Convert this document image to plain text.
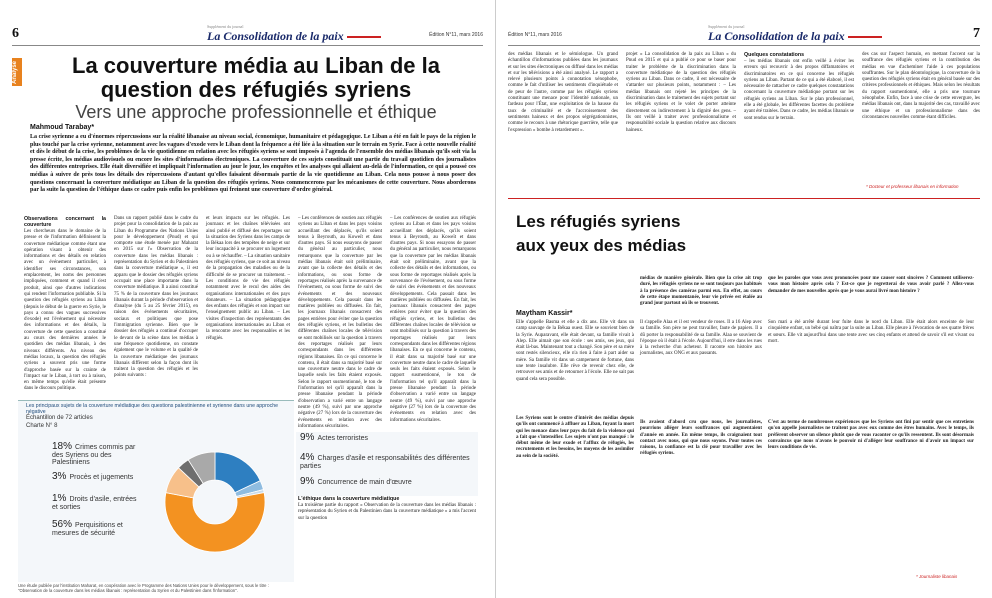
6	Supplément du journal
La Consolidation de la paix	Édition N°11, mars 2016
Analyse	La couverture média au Liban de la question des réfugiés syriens
Vers une approche professionnelle et éthique
Mahmoud Tarabay*
La crise syrienne a eu d'énormes répercussions sur la réalité libanaise au niveau social, économique, humanitaire et pédagogique. Le Liban a été en fait le pays de la région le plus touché par la crise syrienne, notamment avec les vagues d'exode vers le Liban dont la fréquence a été liée à la situation sur le terrain en Syrie. Face à cette nouvelle réalité et dès le début de la crise, les problèmes de la vie quotidienne en relation avec les réfugiés syriens se sont imposés à l'agenda de l'ensemble des médias libanais qu'ils soit via la presse écrite, les médias audiovisuels ou encore les sites d'informations électroniques. La couverture de ces sujets constituait une partie du travail quotidien des journalistes des différentes entreprises. Elle était diversifiée et impliquait l'information au jour le jour, les enquêtes et les analyses qui allaient au-delà de l'information, ce qui a poussé ces médias à suivre de près tous les détails des répercussions d'autant qu'elles faisaient désormais partie de la vie quotidienne au Liban. Cela nous pousse à nous poser des questions concernant la couverture médiatique au Liban de la question des réfugiés syriens. Nous commencerons par les mécanismes de cette couverture. Nous aborderons par la suite la question de l'éthique dans ce cadre puis enfin les problèmes qui freinent une couverture d'ordre général.
Observations concernant la couverture
Les chercheurs dans le domaine de la presse et de l'information définissent la couverture médiatique comme étant une opération visant à obtenir des informations et des détails en relation avec un événement particulier, à identifier ses circonstances, son emplacement, les noms des personnes impliquées, comment et quand il s'est produit, ainsi que d'autres indications qui rendent l'information publiable. Si la question des réfugiés syriens au Liban (depuis le début de la guerre en Syrie, le pays a connu des vagues successives d'exode) est l'événement qui nécessite des informations et des détails, la couverture de cette question a constitué au cours des dernières années le quotidien des médias libanais, à des niveaux différents. Au niveau des médias locaux, la question des réfugiés syriens a souvent pris une forme d'approche basée sur la crainte de l'impact sur le Liban, à tort ou à raison, en même temps qu'elle était présente dans le discours politique.
Dans un rapport publié dans le cadre du projet pour la consolidation de la paix au Liban du Programme des Nations Unies pour le développement (Pnud) et qui comporte une étude menée par Maharat en 2015 sur l'« Observation de la couverture dans les médias libanais : représentation du Syrien et du Palestinien dans la couverture médiatique », il est apparu que le dossier des réfugiés syriens occupait une place importante dans la couverture médiatique. Il a ainsi constitué 75 % de la couverture dans les journaux libanais durant la période d'observation et d'analyse (du 5 au 25 février 2015), en raison des événements sécuritaires, sociaux et politiques que pose l'immigration syrienne. Bien que le dossier des réfugiés a continué d'occuper le devant de la scène dans les médias à une fréquence quotidienne, on constate également que le volume et la qualité de la couverture médiatique des journaux libanais diffèrent selon la façon dont ils traitent la question des réfugiés et les points suivants :
et leurs impacts sur les réfugiés. Les journaux et les chaînes télévisées ont ainsi publié et diffusé des reportages sur la situation des Syriens dans les camps de la Békaa lors des tempêtes de neige et sur leur incapacité à se procurer un logement ou à se réchauffer. – La situation sanitaire des réfugiés syriens, que ce soit au niveau de la propagation des maladies ou de la difficulté de se procurer un traitement. – Les conditions de vie des réfugiés notamment avec le recul des aides des organisations internationales et des pays donateurs. – La situation pédagogique des enfants des réfugiés et son impact sur l'enseignement public au Liban. – Les visites d'inspection des représentants des organisations internationales au Liban et la rencontre avec les responsables et les réfugiés.
– Les conférences de soutien aux réfugiés syriens au Liban et dans les pays voisins accueillant des déplacés, qu'ils soient tenus à Beyrouth, au Koweït et dans d'autres pays. Si nous essayons de passer du général au particulier, nous remarquons que la couverture par les médias libanais était soit préliminaire, avant que la collecte des détails et des informations, ou sous forme de reportages réalisés après la survenance de l'événement, ou sous forme de suivi des événements et des nouveaux développements. Cela passait dans les matières publiées ou diffusées. En fait, les journaux libanais consacrent des pages entières pour éviter que la question des réfugiés syriens, et les bulletins des différentes chaînes locales de télévision se sont mobilisés sur la question à travers des reportages réalisés par leurs correspondants dans les différentes régions libanaises. En ce qui concerne le contenu, il était dans sa majorité basé sur une couverture neutre dans le cadre de laquelle seuls les faits étaient exposés. Selon le rapport susmentionné, le ton de l'information tel qu'il apparaît dans la presse libanaise pendant la période d'observation a varié entre un langage neutre (49 %), suivi par une approche négative (27 %) lors de la couverture des événements en relation avec des informations sécuritaires.
– Les conférences de soutien aux réfugiés syriens au Liban et dans les pays voisins accueillant des déplacés, qu'ils soient tenus à Beyrouth, au Koweït et dans d'autres pays. Si nous essayons de passer du général au particulier, nous remarquons que la couverture par les médias libanais était soit préliminaire, avant que la collecte des détails et des informations, ou sous forme de reportages réalisés après la survenance de l'événement, ou sous forme de suivi des événements et des nouveaux développements. Cela passait dans les matières publiées ou diffusées. En fait, les journaux libanais consacrent des pages entières pour éviter que la question des réfugiés syriens, et les bulletins des différentes chaînes locales de télévision se sont mobilisés sur la question à travers des reportages réalisés par leurs correspondants dans les différentes régions libanaises. En ce qui concerne le contenu, il était dans sa majorité basé sur une couverture neutre dans le cadre de laquelle seuls les faits étaient exposés. Selon le rapport susmentionné, le ton de l'information tel qu'il apparaît dans la presse libanaise pendant la période d'observation a varié entre un langage neutre (49 %), suivi par une approche négative (27 %) lors de la couverture des événements en relation avec des informations sécuritaires.
L'éthique dans la couverture médiatique
La troisième partie du rapport « Observation de la couverture dans les médias libanais : représentation du Syrien et du Palestinien dans la couverture médiatique » a mis l'accent sur la question
Les principaux sujets de la couverture médiatique des questions palestinienne et syrienne dans une approche négative
Échantillon de 72 articles
Charte N° 8
18% Crimes commis par des Syriens ou des Palestiniens
3% Procès et jugements
1% Droits d'asile, entrées et sorties
56% Perquisitions et mesures de sécurité
9% Actes terroristes
4% Charges d'asile et responsabilités des différentes parties
9% Concurrence de main d'œuvre
Une étude publiée par l'institution Maharat, en coopération avec le Programme des Nations Unies pour le développement, sous le titre : "Observation de la couverture dans les médias libanais : représentation du Syrien et du Palestinien dans l'information".
Édition N°11, mars 2016
Supplément du journal
La Consolidation de la paix	7
des médias libanais et le sémiologue. Un grand échantillon d'informations publiées dans les journaux et sur les sites électroniques ou diffusé dans les médias et sur les télévisions a été ainsi analysé. Le rapport a relevé plusieurs points à connotation xénophobe, comme le fait d'utiliser les sentiments d'inquiétude et de peur de l'autre, comme par les réfugiés syriens constituant une menace pour l'identité nationale, un fardeau pour l'État, une exploitation de la hausse du taux de criminalité et de l'accroissement des sentiments haineux et des propos ségrégationnistes, comme le recours à une rhétorique guerrière, telle que l'expression « bombe à retardement ».
projet « La consolidation de la paix au Liban » du Pnud en 2015 et qui a publié ce pour se baser pour traiter le problème de la discrimination dans la couverture médiatique de la question des réfugiés syriens au Liban. Dans ce cadre, il est nécessaire de s'attarder sur plusieurs points, notamment : – Les médias libanais ont rejeté les principes de la discrimination dans le traitement des sujets portant sur les réfugiés syriens et le volet de porter atteinte directement ou indirectement à la dignité des gens. – Ils ont veillé à traiter avec professionnalisme et responsabilité sociale la question relative aux discours haineux.
Quelques constatations
– les médias libanais ont enfin veillé à éviter les erreurs qui recouvrir à des propos diffamatoires et discriminatoires en ce qui concerne les réfugiés syriens au Liban. Partant de ce qui a été élaboré, il est nécessaire de rattacher ce cadre quelques constatations concernant la couverture médiatique portant sur les réfugiés syriens au Liban. Sur le plan professionnel, elle a été globale, les différentes facettes du problème ayant été traitées. Dans ce cadre, les médias libanais se sont rendus sur le terrain.
des cas sur l'aspect humain, en mettant l'accent sur la souffrance des réfugiés syriens et la contribution des médias en vue d'acheminer l'aide à ces populations souffrantes. Sur le plan déontologique, la couverture de la question des réfugiés syriens était en général basée sur des critères professionnels et éthiques. Mais selon les résultats du rapport susmentionné, elle a pris une tournure xénophobe. Enfin, face à une crise de cette envergure, les médias libanais ont, dans la majorité des cas, travaillé avec une éthique et un professionnalisme dans des circonstances nouvelles comme étant difficiles.
* Docteur et professeur libanais en information
Les réfugiés syriens aux yeux des médias
Maytham Kassir*
Elle s'appelle Basma et elle a dix ans. Elle vit dans un camp sauvage de la Békaa ouest. Elle se souvient bien de la Syrie. Auparavant, elle était devant, sa famille vivait à Alep. Elle aimait que son école : ses amis, ses jeux, qui était là-bas. Maintenant tout a changé. Son père et sa mère sont restés silencieux, elle n'a rien à faire à part aider sa mère. Sa famille vit dans un campement de fortune, dans une tente insalubre. Elle rêve de revenir chez elle, de retrouver ses amis et de retourner à l'école. Elle ne sait pas quand cela sera possible.
Les Syriens sont le centre d'intérêt des médias depuis qu'ils ont commencé à affluer au Liban, fuyant la mort qui les menace dans leur pays du fait de la violence qui a fait que s'intensifier. Les sujets n'ont pas manqué : le début même de leur exode et l'afflux de réfugiés, les recrutements et les besoins, les moyens de les assimiler au sein de la société.
médias de manière générale. Bien que la crise ait trop duré, les réfugiés syriens ne se sont toujours pas habitués à la présence des caméras parmi eux. En effet, au cours de cette étape momentanée, leur vie privée est étalée au grand jour partout où ils se trouvent.
Il s'appelle Alaa et il est vendeur de roses. Il a 16 Alep avec sa famille. Son père ne peut travailler, faute de papiers. Il a dû porter la responsabilité de sa famille. Alaa se souvient de l'époque où il était à l'école. Aujourd'hui, il erre dans les rues à la recherche d'un acheteur. Il raconte son histoire aux journalistes, aux ONG et aux passants.
Ils avaient d'abord cru que nous, les journalistes, pourrions alléger leurs souffrances qui augmentaient d'année en année. En même temps, ils craignaient tout contact avec nous, qui que nous soyons. Pour toutes ces raisons, la confiance est la clé pour travailler avec les réfugiés syriens.
que les paroles que vous avez prononcées pour me causer sont sincères ? Comment utiliserez-vous mon histoire après cela ? Est-ce que je regretterai de vous avoir parlé ? Allez-vous demander de mes nouvelles après que je vous aurai livré mon histoire ?
Son mari a été arrêté durant leur fuite dans le nord du Liban. Elle était alors enceinte de leur cinquième enfant, un bébé qui naîtra par la suite au Liban. Elle pleure à l'évocation de ses quatre frères et sœurs. Elle vit aujourd'hui dans une tente avec ses cinq enfants et attend de savoir s'il est vivant ou mort.
C'est au terme de nombreuses expériences que les Syriens ont fini par sentir que ces entretiens qu'on appelle journalistes ne traitent pas avec eux comme des êtres humains. Avec le temps, ils préfèrent observer un silence plutôt que de vous raconter ce qu'ils ressentent. Ils sont désormais convaincus que nous n'avons le pouvoir ni d'alléger leur souffrance ni d'avoir un impact sur leurs conditions de vie.
* Journaliste libanais
